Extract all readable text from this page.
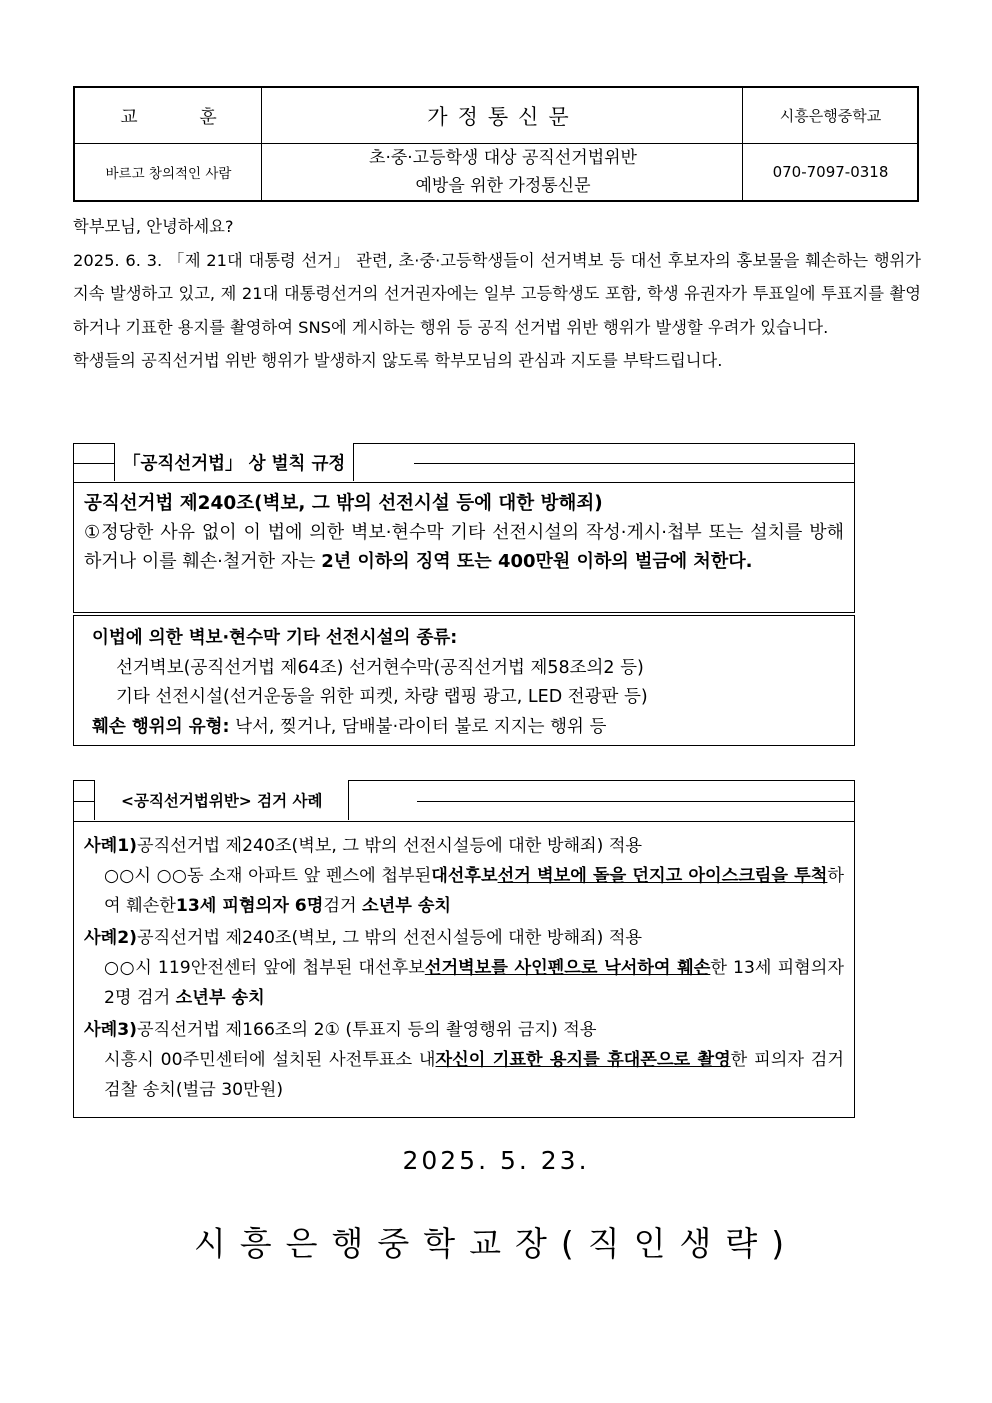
교 훈	가정통신문	시흥은행중학교
바르고 창의적인 사람
초·중·고등학생 대상 공직선거법위반
예방을 위한 가정통신문
070-7097-0318

학부모님, 안녕하세요?

2025. 6. 3. 「제 21대 대통령 선거」 관련, 초·중·고등학생들이 선거벽보 등 대선 후보자의 홍보물을 훼손하는 행위가 지속 발생하고 있고, 제 21대 대통령선거의 선거권자에는 일부 고등학생도 포함, 학생 유권자가 투표일에 투표지를 촬영하거나 기표한 용지를 촬영하여 SNS에 게시하는 행위 등 공직 선거법 위반 행위가 발생할 우려가 있습니다.

학생들의 공직선거법 위반 행위가 발생하지 않도록 학부모님의 관심과 지도를 부탁드립니다.

「공직선거법」 상 벌칙 규정
공직선거법 제240조(벽보, 그 밖의 선전시설 등에 대한 방해죄)
①정당한 사유 없이 이 법에 의한 벽보·현수막 기타 선전시설의 작성·게시·첩부 또는 설치를 방해하거나 이를 훼손·철거한 자는 2년 이하의 징역 또는 400만원 이하의 벌금에 처한다.
이법에 의한 벽보·현수막 기타 선전시설의 종류:
선거벽보(공직선거법 제64조) 선거현수막(공직선거법 제58조의2 등)
기타 선전시설(선거운동을 위한 피켓, 차량 랩핑 광고, LED 전광판 등)
훼손 행위의 유형: 낙서, 찢거나, 담배불·라이터 불로 지지는 행위 등
<공직선거법위반> 검거 사례

사례1)공직선거법 제240조(벽보, 그 밖의 선전시설등에 대한 방해죄) 적용

○○시 ○○동 소재 아파트 앞 펜스에 첩부된대선후보선거 벽보에 돌을 던지고 아이스크림을 투척하여 훼손한13세 피혐의자 6명검거 소년부 송치

사례2)공직선거법 제240조(벽보, 그 밖의 선전시설등에 대한 방해죄) 적용

○○시 119안전센터 앞에 첩부된 대선후보선거벽보를 사인펜으로 낙서하여 훼손한 13세 피혐의자 2명 검거 소년부 송치

사례3)공직선거법 제166조의 2① (투표지 등의 촬영행위 금지) 적용

시흥시 00주민센터에 설치된 사전투표소 내자신이 기표한 용지를 휴대폰으로 촬영한 피의자 검거 검찰 송치(벌금 30만원)

2025. 5. 23.
시흥은행중학교장(직인생략)
